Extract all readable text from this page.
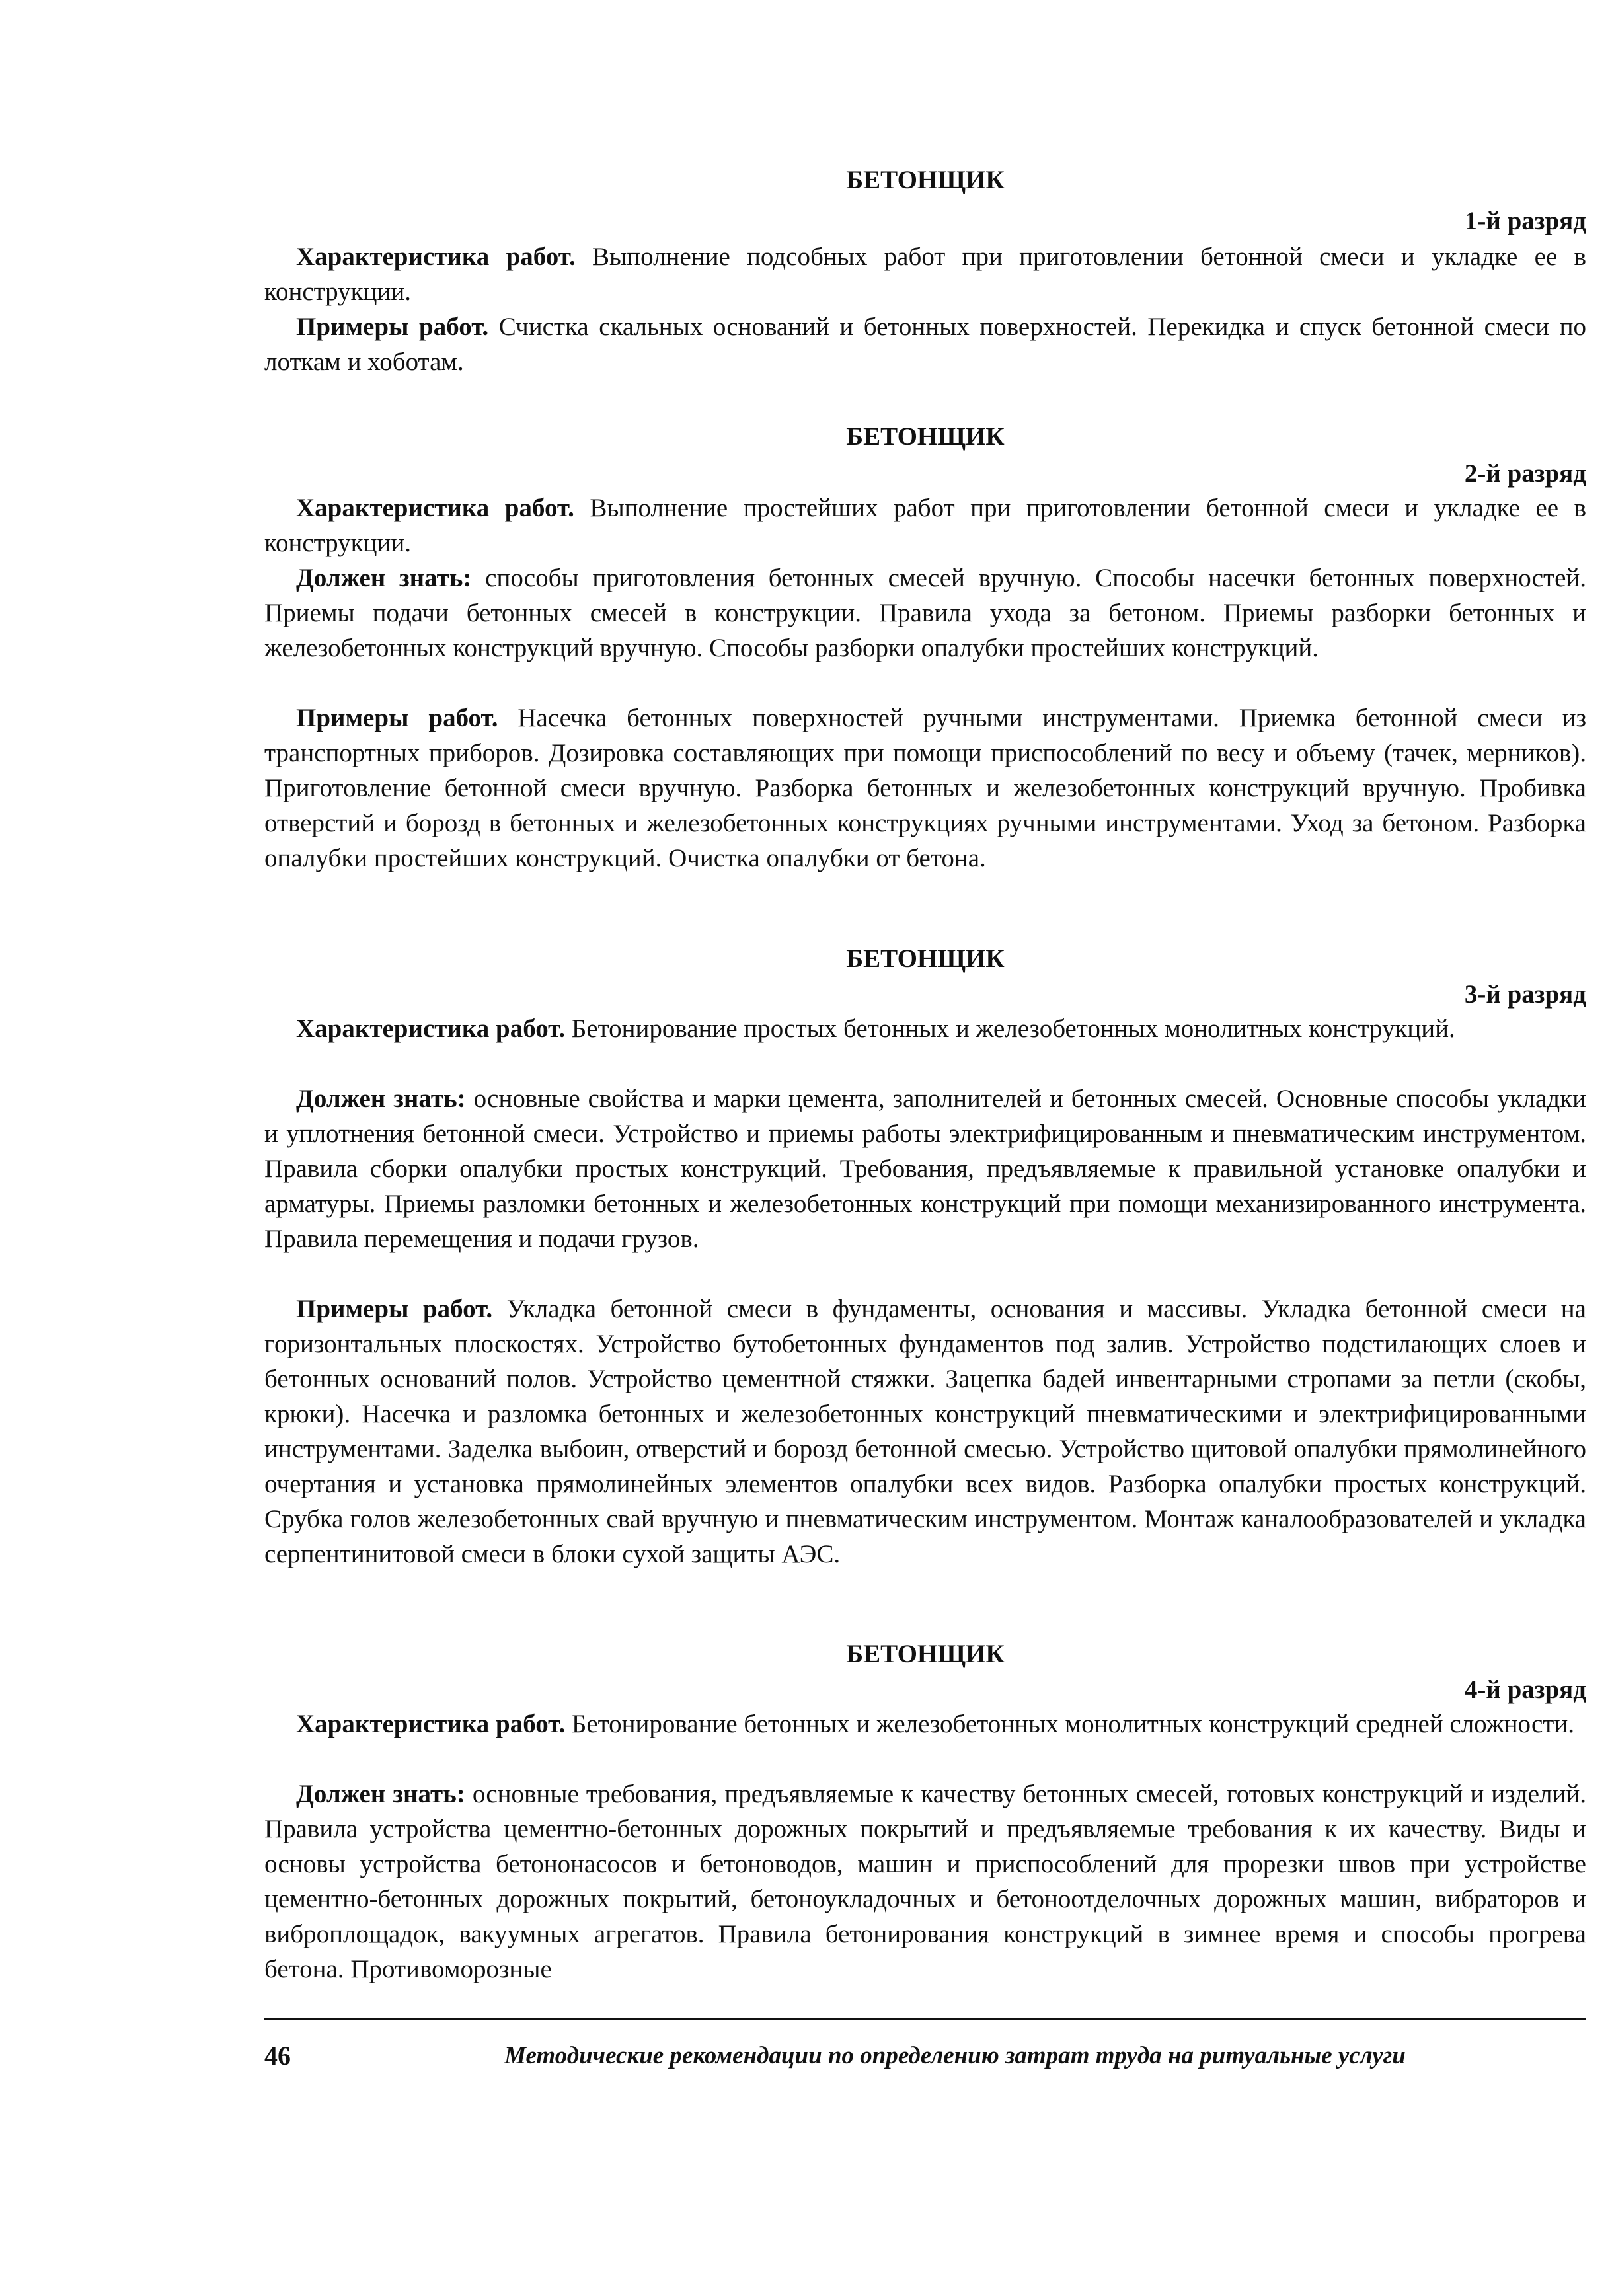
БЕТОНЩИК
1-й разряд

Характеристика работ. Выполнение подсобных работ при приготовлении бетонной смеси и укладке ее в конструкции.

Примеры работ. Счистка скальных оснований и бетонных поверхностей. Перекидка и спуск бетонной смеси по лоткам и хоботам.

БЕТОНЩИК
2-й разряд

Характеристика работ. Выполнение простейших работ при приготовлении бетонной смеси и укладке ее в конструкции.

Должен знать: способы приготовления бетонных смесей вручную. Способы насечки бетонных поверхностей. Приемы подачи бетонных смесей в конструкции. Правила ухода за бетоном. Приемы разборки бетонных и железобетонных конструкций вручную. Способы разборки опалубки простейших конструкций.

Примеры работ. Насечка бетонных поверхностей ручными инструментами. Приемка бетонной смеси из транспортных приборов. Дозировка составляющих при помощи приспособлений по весу и объему (тачек, мерников). Приготовление бетонной смеси вручную. Разборка бетонных и железобетонных конструкций вручную. Пробивка отверстий и борозд в бетонных и железобетонных конструкциях ручными инструментами. Уход за бетоном. Разборка опалубки простейших конструкций. Очистка опалубки от бетона.

БЕТОНЩИК
3-й разряд

Характеристика работ. Бетонирование простых бетонных и железобетонных монолитных конструкций.

Должен знать: основные свойства и марки цемента, заполнителей и бетонных смесей. Основные способы укладки и уплотнения бетонной смеси. Устройство и приемы работы электрифицированным и пневматическим инструментом. Правила сборки опалубки простых конструкций. Требования, предъявляемые к правильной установке опалубки и арматуры. Приемы разломки бетонных и железобетонных конструкций при помощи механизированного инструмента. Правила перемещения и подачи грузов.

Примеры работ. Укладка бетонной смеси в фундаменты, основания и массивы. Укладка бетонной смеси на горизонтальных плоскостях. Устройство бутобетонных фундаментов под залив. Устройство подстилающих слоев и бетонных оснований полов. Устройство цементной стяжки. Зацепка бадей инвентарными стропами за петли (скобы, крюки). Насечка и разломка бетонных и железобетонных конструкций пневматическими и электрифицированными инструментами. Заделка выбоин, отверстий и борозд бетонной смесью. Устройство щитовой опалубки прямолинейного очертания и установка прямолинейных элементов опалубки всех видов. Разборка опалубки простых конструкций. Срубка голов железобетонных свай вручную и пневматическим инструментом. Монтаж каналообразователей и укладка серпентинитовой смеси в блоки сухой защиты АЭС.

БЕТОНЩИК
4-й разряд

Характеристика работ. Бетонирование бетонных и железобетонных монолитных конструкций средней сложности.

Должен знать: основные требования, предъявляемые к качеству бетонных смесей, готовых конструкций и изделий. Правила устройства цементно-бетонных дорожных покрытий и предъявляемые требования к их качеству. Виды и основы устройства бетононасосов и бетоноводов, машин и приспособлений для прорезки швов при устройстве цементно-бетонных дорожных покрытий, бетоноукладочных и бетоноотделочных дорожных машин, вибраторов и виброплощадок, вакуумных агрегатов. Правила бетонирования конструкций в зимнее время и способы прогрева бетона. Противоморозные

46	Методические рекомендации по определению затрат труда на ритуальные услуги
